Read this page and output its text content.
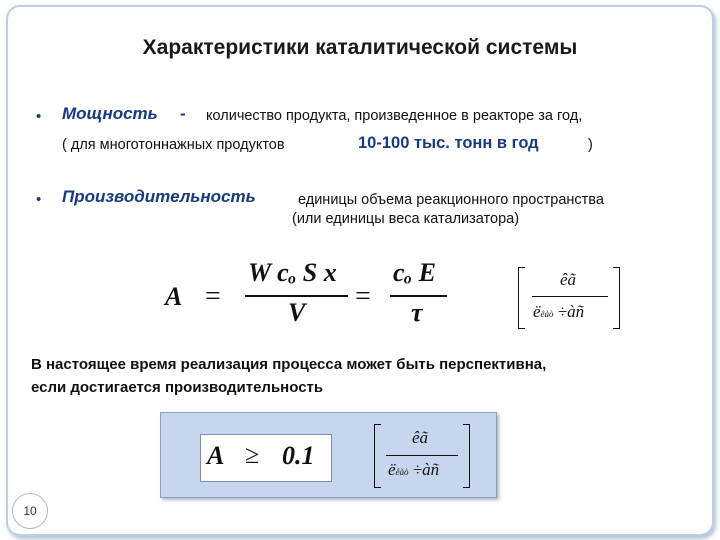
Характеристики каталитической системы
• Мощность - количество продукта, произведенное в реакторе за год,
( для многотоннажных продуктов	10-100 тыс. тонн в год	)
• Производительность	единицы объема реакционного пространства
(или единицы веса катализатора)
A =
W cₒ S x
V
=
cₒ E
τ
êã
ëêàò ÷àñ
В настоящее время реализация процесса может быть перспективна,
если достигается производительность
A ≥ 0.1
êã
ëêàò ÷àñ
10
